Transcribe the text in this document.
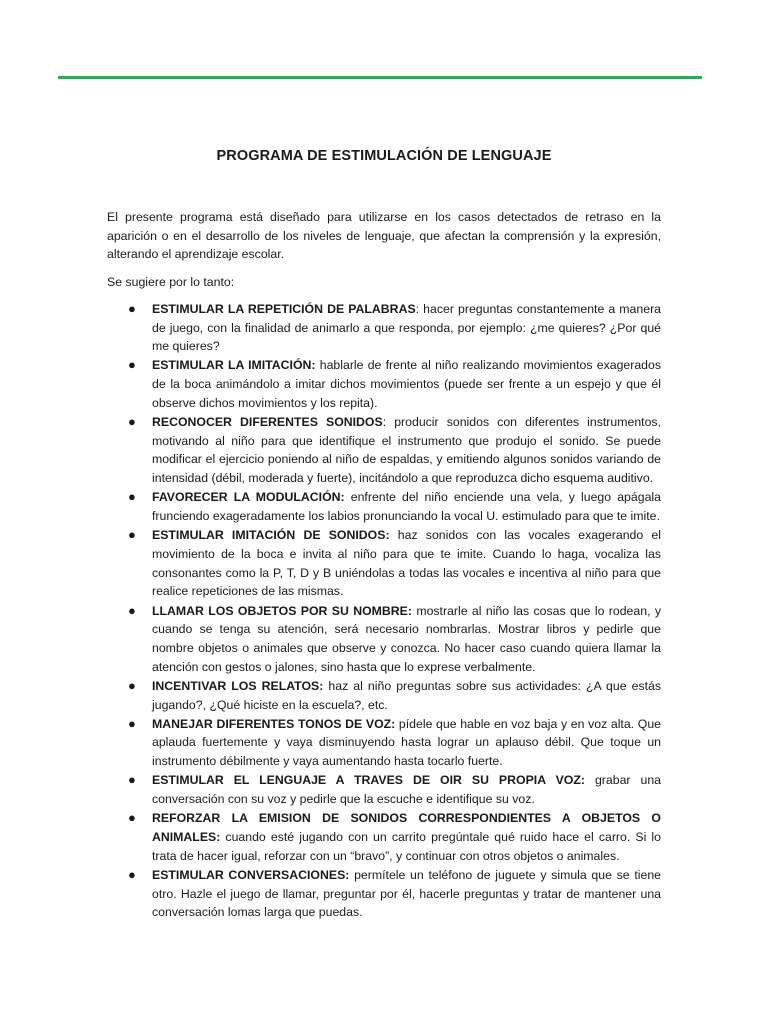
PROGRAMA DE ESTIMULACIÓN DE LENGUAJE

El presente programa está diseñado para utilizarse en los casos detectados de retraso en la aparición o en el desarrollo de los niveles de lenguaje, que afectan la comprensión y la expresión, alterando el aprendizaje escolar.

Se sugiere por lo tanto:

● ESTIMULAR LA REPETICIÓN DE PALABRAS: hacer preguntas constantemente a manera de juego, con la finalidad de animarlo a que responda, por ejemplo: ¿me quieres? ¿Por qué me quieres?
● ESTIMULAR LA IMITACIÓN: hablarle de frente al niño realizando movimientos exagerados de la boca animándolo a imitar dichos movimientos (puede ser frente a un espejo y que él observe dichos movimientos y los repita).
● RECONOCER DIFERENTES SONIDOS: producir sonidos con diferentes instrumentos, motivando al niño para que identifique el instrumento que produjo el sonido. Se puede modificar el ejercicio poniendo al niño de espaldas, y emitiendo algunos sonidos variando de intensidad (débil, moderada y fuerte), incitándolo a que reproduzca dicho esquema auditivo.
● FAVORECER LA MODULACIÓN: enfrente del niño enciende una vela, y luego apágala frunciendo exageradamente los labios pronunciando la vocal U. estimulado para que te imite.
● ESTIMULAR IMITACIÓN DE SONIDOS: haz sonidos con las vocales exagerando el movimiento de la boca e invita al niño para que te imite. Cuando lo haga, vocaliza las consonantes como la P, T, D y B uniéndolas a todas las vocales e incentiva al niño para que realice repeticiones de las mismas.
● LLAMAR LOS OBJETOS POR SU NOMBRE: mostrarle al niño las cosas que lo rodean, y cuando se tenga su atención, será necesario nombrarlas. Mostrar libros y pedirle que nombre objetos o animales que observe y conozca. No hacer caso cuando quiera llamar la atención con gestos o jalones, sino hasta que lo exprese verbalmente.
● INCENTIVAR LOS RELATOS: haz al niño preguntas sobre sus actividades: ¿A que estás jugando?, ¿Qué hiciste en la escuela?, etc.
● MANEJAR DIFERENTES TONOS DE VOZ: pídele que hable en voz baja y en voz alta. Que aplauda fuertemente y vaya disminuyendo hasta lograr un aplauso débil. Que toque un instrumento débilmente y vaya aumentando hasta tocarlo fuerte.
● ESTIMULAR EL LENGUAJE A TRAVES DE OIR SU PROPIA VOZ: grabar una conversación con su voz y pedirle que la escuche e identifique su voz.
● REFORZAR LA EMISION DE SONIDOS CORRESPONDIENTES A OBJETOS O ANIMALES: cuando esté jugando con un carrito pregúntale qué ruido hace el carro. Si lo trata de hacer igual, reforzar con un “bravo”, y continuar con otros objetos o animales.
● ESTIMULAR CONVERSACIONES: permítele un teléfono de juguete y simula que se tiene otro. Hazle el juego de llamar, preguntar por él, hacerle preguntas y tratar de mantener una conversación lomas larga que puedas.
